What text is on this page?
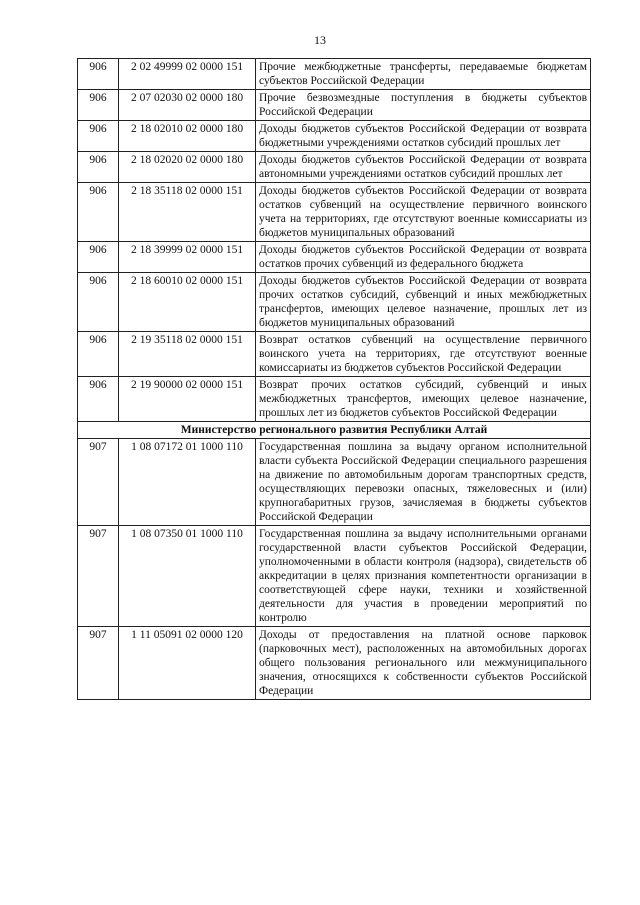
13
906	2 02 49999 02 0000 151	Прочие межбюджетные трансферты, передаваемые бюджетам субъектов Российской Федерации
906	2 07 02030 02 0000 180	Прочие безвозмездные поступления в бюджеты субъектов Российской Федерации
906	2 18 02010 02 0000 180	Доходы бюджетов субъектов Российской Федерации от возврата бюджетными учреждениями остатков субсидий прошлых лет
906	2 18 02020 02 0000 180	Доходы бюджетов субъектов Российской Федерации от возврата автономными учреждениями остатков субсидий прошлых лет
906	2 18 35118 02 0000 151	Доходы бюджетов субъектов Российской Федерации от возврата остатков субвенций на осуществление первичного воинского учета на территориях, где отсутствуют военные комиссариаты из бюджетов муниципальных образований
906	2 18 39999 02 0000 151	Доходы бюджетов субъектов Российской Федерации от возврата остатков прочих субвенций из федерального бюджета
906	2 18 60010 02 0000 151	Доходы бюджетов субъектов Российской Федерации от возврата прочих остатков субсидий, субвенций и иных межбюджетных трансфертов, имеющих целевое назначение, прошлых лет из бюджетов муниципальных образований
906	2 19 35118 02 0000 151	Возврат остатков субвенций на осуществление первичного воинского учета на территориях, где отсутствуют военные комиссариаты из бюджетов субъектов Российской Федерации
906	2 19 90000 02 0000 151	Возврат прочих остатков субсидий, субвенций и иных межбюджетных трансфертов, имеющих целевое назначение, прошлых лет из бюджетов субъектов Российской Федерации
Министерство регионального развития Республики Алтай		
907	1 08 07172 01 1000 110	Государственная пошлина за выдачу органом исполнительной власти субъекта Российской Федерации специального разрешения на движение по автомобильным дорогам транспортных средств, осуществляющих перевозки опасных, тяжеловесных и (или) крупногабаритных грузов, зачисляемая в бюджеты субъектов Российской Федерации
907	1 08 07350 01 1000 110	Государственная пошлина за выдачу исполнительными органами государственной власти субъектов Российской Федерации, уполномоченными в области контроля (надзора), свидетельств об аккредитации в целях признания компетентности организации в соответствующей сфере науки, техники и хозяйственной деятельности для участия в проведении мероприятий по контролю
907	1 11 05091 02 0000 120	Доходы от предоставления на платной основе парковок (парковочных мест), расположенных на автомобильных дорогах общего пользования регионального или межмуниципального значения, относящихся к собственности субъектов Российской Федерации
